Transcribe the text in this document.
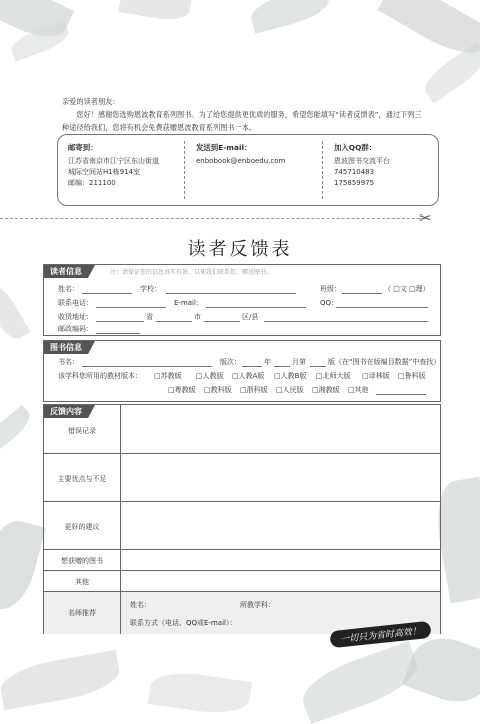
亲爱的读者朋友：
您好！感谢您选购恩波教育系列图书。为了给您提供更优质的服务，希望您能填写“读者反馈表”，通过下列三种途径给我们，您将有机会免费获赠恩波教育系列图书一本。
邮寄到：
江苏省南京市江宁区东山街道
城际空间站H1栋914室
邮编：211100
发送到E-mail：
enbobook@enboedu.com
加入QQ群：
恩波图书交流平台
745710483
175859975
✂
读者反馈表
读者信息	注：请保证您的信息真实有效，以便我们联系您、赠送图书。
姓名：	学校：	班级：	（ □文 □理）
联系电话：	E-mail：	QQ：
收货地址：	省	市	区/县
邮政编码：
图书信息
书名：	版次：	年	月第	版（在“图书在版编目数据”中查找）
该学科您所用的教材版本： □苏教版 □人教版 □人教A版 □人教B版 □北师大版 □译林版 □鲁科版
□粤教版 □教科版 □浙科版 □人民版 □湘教版 □其他
反馈内容
错误记录
主要优点与不足
更好的建议
想获赠的图书
其他
名师推荐
姓名：	所教学科：
联系方式（电话、QQ或E-mail）：
一切只为省时高效！
